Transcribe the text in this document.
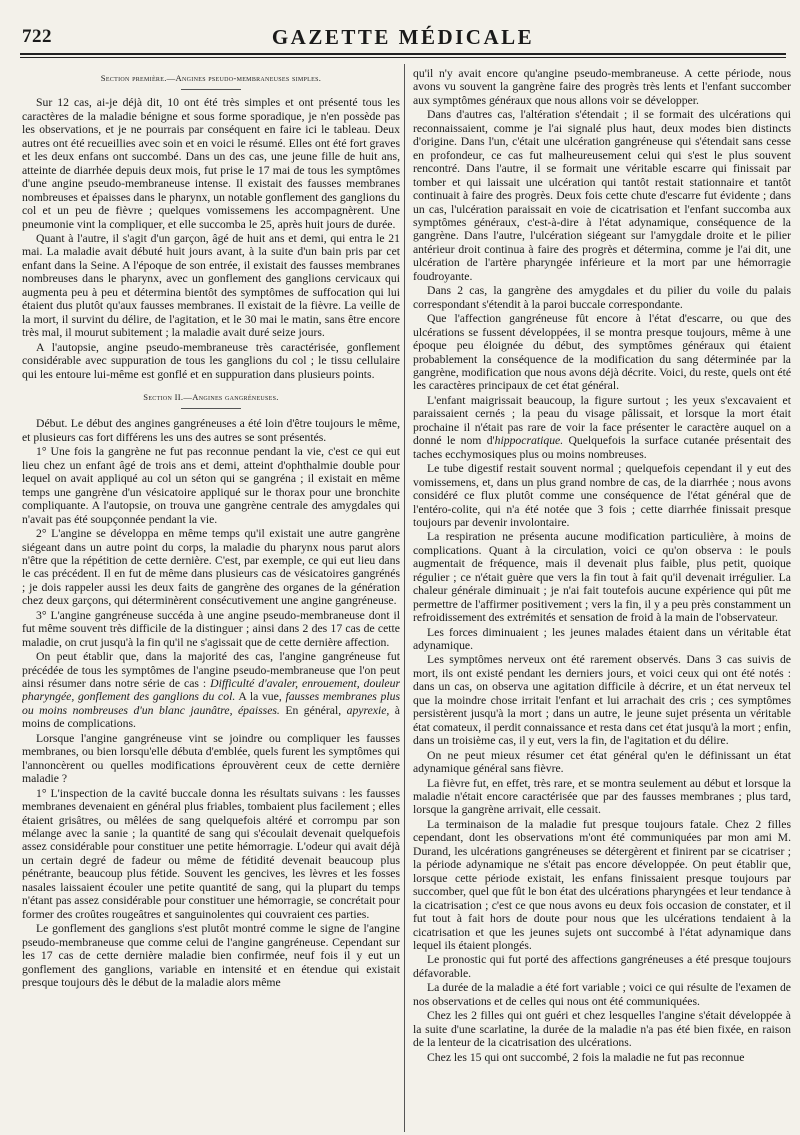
722	GAZETTE MÉDICALE

Section première.—Angines pseudo-membraneuses simples.

Sur 12 cas, ai-je déjà dit, 10 ont été très simples et ont présenté tous les caractères de la maladie bénigne et sous forme sporadique, je n'en possède pas les observations, et je ne pourrais par conséquent en faire ici le tableau. Deux autres ont été recueillies avec soin et en voici le résumé. Elles ont été fort graves et les deux enfans ont succombé. Dans un des cas, une jeune fille de huit ans, atteinte de diarrhée depuis deux mois, fut prise le 17 mai de tous les symptômes d'une angine pseudo-membraneuse intense. Il existait des fausses membranes nombreuses et épaisses dans le pharynx, un notable gonflement des ganglions du col et un peu de fièvre ; quelques vomissemens les accompagnèrent. Une pneumonie vint la compliquer, et elle succomba le 25, après huit jours de durée.

Quant à l'autre, il s'agit d'un garçon, âgé de huit ans et demi, qui entra le 21 mai. La maladie avait débuté huit jours avant, à la suite d'un bain pris par cet enfant dans la Seine. A l'époque de son entrée, il existait des fausses membranes nombreuses dans le pharynx, avec un gonflement des ganglions cervicaux qui augmenta peu à peu et détermina bientôt des symptômes de suffocation qui lui étaient dus plutôt qu'aux fausses membranes. Il existait de la fièvre. La veille de la mort, il survint du délire, de l'agitation, et le 30 mai le matin, sans être encore très mal, il mourut subitement ; la maladie avait duré seize jours.

A l'autopsie, angine pseudo-membraneuse très caractérisée, gonflement considérable avec suppuration de tous les ganglions du col ; le tissu cellulaire qui les entoure lui-même est gonflé et en suppuration dans plusieurs points.

Section II.—Angines gangréneuses.

Début. Le début des angines gangréneuses a été loin d'être toujours le même, et plusieurs cas fort différens les uns des autres se sont présentés.

1° Une fois la gangrène ne fut pas reconnue pendant la vie, c'est ce qui eut lieu chez un enfant âgé de trois ans et demi, atteint d'ophthalmie double pour lequel on avait appliqué au col un séton qui se gangréna ; il existait en même temps une gangrène d'un vésicatoire appliqué sur le thorax pour une bronchite compliquante. A l'autopsie, on trouva une gangrène centrale des amygdales qui n'avait pas été soupçonnée pendant la vie.

2° L'angine se développa en même temps qu'il existait une autre gangrène siégeant dans un autre point du corps, la maladie du pharynx nous parut alors n'être que la répétition de cette dernière. C'est, par exemple, ce qui eut lieu dans le cas précédent. Il en fut de même dans plusieurs cas de vésicatoires gangrénés ; je dois rappeler aussi les deux faits de gangrène des organes de la génération chez deux garçons, qui déterminèrent consécutivement une angine gangréneuse.

3° L'angine gangréneuse succéda à une angine pseudo-membraneuse dont il fut même souvent très difficile de la distinguer ; ainsi dans 2 des 17 cas de cette maladie, on crut jusqu'à la fin qu'il ne s'agissait que de cette dernière affection.

On peut établir que, dans la majorité des cas, l'angine gangréneuse fut précédée de tous les symptômes de l'angine pseudo-membraneuse que l'on peut ainsi résumer dans notre série de cas : Difficulté d'avaler, enrouement, douleur pharyngée, gonflement des ganglions du col. A la vue, fausses membranes plus ou moins nombreuses d'un blanc jaunâtre, épaisses. En général, apyrexie, à moins de complications.

Lorsque l'angine gangréneuse vint se joindre ou compliquer les fausses membranes, ou bien lorsqu'elle débuta d'emblée, quels furent les symptômes qui l'annoncèrent ou quelles modifications éprouvèrent ceux de cette dernière maladie ?

1° L'inspection de la cavité buccale donna les résultats suivans : les fausses membranes devenaient en général plus friables, tombaient plus facilement ; elles étaient grisâtres, ou mêlées de sang quelquefois altéré et corrompu par son mélange avec la sanie ; la quantité de sang qui s'écoulait devenait quelquefois assez considérable pour constituer une petite hémorragie. L'odeur qui avait déjà un certain degré de fadeur ou même de fétidité devenait beaucoup plus pénétrante, beaucoup plus fétide. Souvent les gencives, les lèvres et les fosses nasales laissaient écouler une petite quantité de sang, qui la plupart du temps n'étant pas assez considérable pour constituer une hémorragie, se concrétait pour former des croûtes rougeâtres et sanguinolentes qui couvraient ces parties.

Le gonflement des ganglions s'est plutôt montré comme le signe de l'angine pseudo-membraneuse que comme celui de l'angine gangréneuse. Cependant sur les 17 cas de cette dernière maladie bien confirmée, neuf fois il y eut un gonflement des ganglions, variable en intensité et en étendue qui existait presque toujours dès le début de la maladie alors même

qu'il n'y avait encore qu'angine pseudo-membraneuse. A cette période, nous avons vu souvent la gangrène faire des progrès très lents et l'enfant succomber aux symptômes généraux que nous allons voir se développer.

Dans d'autres cas, l'altération s'étendait ; il se formait des ulcérations qui reconnaissaient, comme je l'ai signalé plus haut, deux modes bien distincts d'origine. Dans l'un, c'était une ulcération gangréneuse qui s'étendait sans cesse en profondeur, ce cas fut malheureusement celui qui s'est le plus souvent rencontré. Dans l'autre, il se formait une véritable escarre qui finissait par tomber et qui laissait une ulcération qui tantôt restait stationnaire et tantôt continuait à faire des progrès. Deux fois cette chute d'escarre fut évidente ; dans un cas, l'ulcération paraissait en voie de cicatrisation et l'enfant succomba aux symptômes généraux, c'est-à-dire à l'état adynamique, conséquence de la gangrène. Dans l'autre, l'ulcération siégeant sur l'amygdale droite et le pilier antérieur droit continua à faire des progrès et détermina, comme je l'ai dit, une ulcération de l'artère pharyngée inférieure et la mort par une hémorragie foudroyante.

Dans 2 cas, la gangrène des amygdales et du pilier du voile du palais correspondant s'étendit à la paroi buccale correspondante.

Que l'affection gangréneuse fût encore à l'état d'escarre, ou que des ulcérations se fussent développées, il se montra presque toujours, même à une époque peu éloignée du début, des symptômes généraux qui étaient probablement la conséquence de la modification du sang déterminée par la gangrène, modification que nous avons déjà décrite. Voici, du reste, quels ont été les caractères principaux de cet état général.

L'enfant maigrissait beaucoup, la figure surtout ; les yeux s'excavaient et paraissaient cernés ; la peau du visage pâlissait, et lorsque la mort était prochaine il n'était pas rare de voir la face présenter le caractère auquel on a donné le nom d'hippocratique. Quelquefois la surface cutanée présentait des taches ecchymosiques plus ou moins nombreuses.

Le tube digestif restait souvent normal ; quelquefois cependant il y eut des vomissemens, et, dans un plus grand nombre de cas, de la diarrhée ; nous avons considéré ce flux plutôt comme une conséquence de l'état général que de l'entéro-colite, qui n'a été notée que 3 fois ; cette diarrhée finissait presque toujours par devenir involontaire.

La respiration ne présenta aucune modification particulière, à moins de complications. Quant à la circulation, voici ce qu'on observa : le pouls augmentait de fréquence, mais il devenait plus faible, plus petit, quoique régulier ; ce n'était guère que vers la fin tout à fait qu'il devenait irrégulier. La chaleur générale diminuait ; je n'ai fait toutefois aucune expérience qui pût me permettre de l'affirmer positivement ; vers la fin, il y a peu près constamment un refroidissement des extrémités et sensation de froid à la main de l'observateur.

Les forces diminuaient ; les jeunes malades étaient dans un véritable état adynamique.

Les symptômes nerveux ont été rarement observés. Dans 3 cas suivis de mort, ils ont existé pendant les derniers jours, et voici ceux qui ont été notés : dans un cas, on observa une agitation difficile à décrire, et un état nerveux tel que la moindre chose irritait l'enfant et lui arrachait des cris ; ces symptômes persistèrent jusqu'à la mort ; dans un autre, le jeune sujet présenta un véritable état comateux, il perdit connaissance et resta dans cet état jusqu'à la mort ; enfin, dans un troisième cas, il y eut, vers la fin, de l'agitation et du délire.

On ne peut mieux résumer cet état général qu'en le définissant un état adynamique général sans fièvre.

La fièvre fut, en effet, très rare, et se montra seulement au début et lorsque la maladie n'était encore caractérisée que par des fausses membranes ; plus tard, lorsque la gangrène arrivait, elle cessait.

La terminaison de la maladie fut presque toujours fatale. Chez 2 filles cependant, dont les observations m'ont été communiquées par mon ami M. Durand, les ulcérations gangréneuses se détergèrent et finirent par se cicatriser ; la période adynamique ne s'était pas encore développée. On peut établir que, lorsque cette période existait, les enfans finissaient presque toujours par succomber, quel que fût le bon état des ulcérations pharyngées et leur tendance à la cicatrisation ; c'est ce que nous avons eu deux fois occasion de constater, et il fut tout à fait hors de doute pour nous que les ulcérations tendaient à la cicatrisation et que les jeunes sujets ont succombé à l'état adynamique dans lequel ils étaient plongés.

Le pronostic qui fut porté des affections gangréneuses a été presque toujours défavorable.

La durée de la maladie a été fort variable ; voici ce qui résulte de l'examen de nos observations et de celles qui nous ont été communiquées.

Chez les 2 filles qui ont guéri et chez lesquelles l'angine s'était développée à la suite d'une scarlatine, la durée de la maladie n'a pas été bien fixée, en raison de la lenteur de la cicatrisation des ulcérations.

Chez les 15 qui ont succombé, 2 fois la maladie ne fut pas reconnue
